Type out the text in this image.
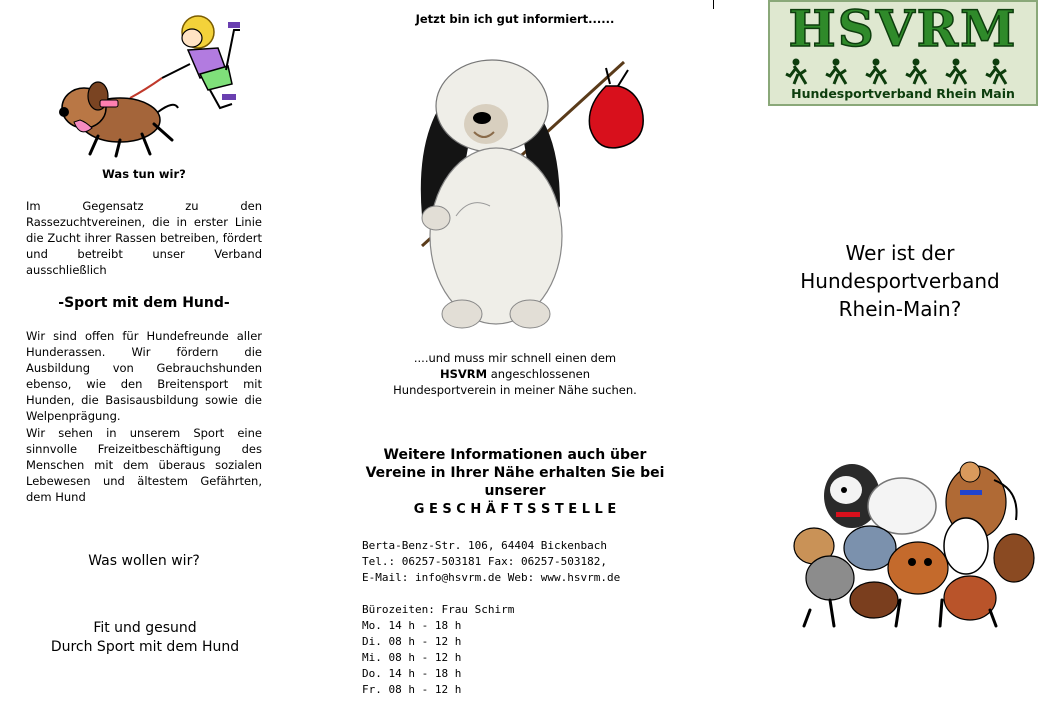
Was tun wir?
Im Gegensatz zu den Rassezuchtvereinen, die in erster Linie die Zucht ihrer Rassen betreiben, fördert und betreibt unser Verband ausschließlich
-Sport mit dem Hund-
Wir sind offen für Hundefreunde aller Hunderassen. Wir fördern die Ausbildung von Gebrauchshunden ebenso, wie den Breitensport mit Hunden, die Basisausbildung sowie die Welpenprägung.
Wir sehen in unserem Sport eine sinnvolle Freizeitbeschäftigung des Menschen mit dem überaus sozialen Lebewesen und ältestem Gefährten, dem Hund
Was wollen wir?
Fit und gesund
Durch Sport mit dem Hund
Jetzt bin ich gut informiert......
....und muss mir schnell einen dem HSVRM angeschlossenen Hundesportverein in meiner Nähe suchen.
Weitere Informationen auch über Vereine in Ihrer Nähe erhalten Sie bei unserer
G E S C H Ä F T S S T E L L E
Berta-Benz-Str. 106, 64404 Bickenbach
Tel.: 06257-503181 Fax: 06257-503182,
E-Mail: info@hsvrm.de Web: www.hsvrm.de
Bürozeiten: Frau Schirm
Mo. 14 h - 18 h
Di. 08 h - 12 h
Mi. 08 h - 12 h
Do. 14 h - 18 h
Fr. 08 h - 12 h
HSVRM
Hundesportverband Rhein Main
Wer ist der
Hundesportverband
Rhein-Main?
